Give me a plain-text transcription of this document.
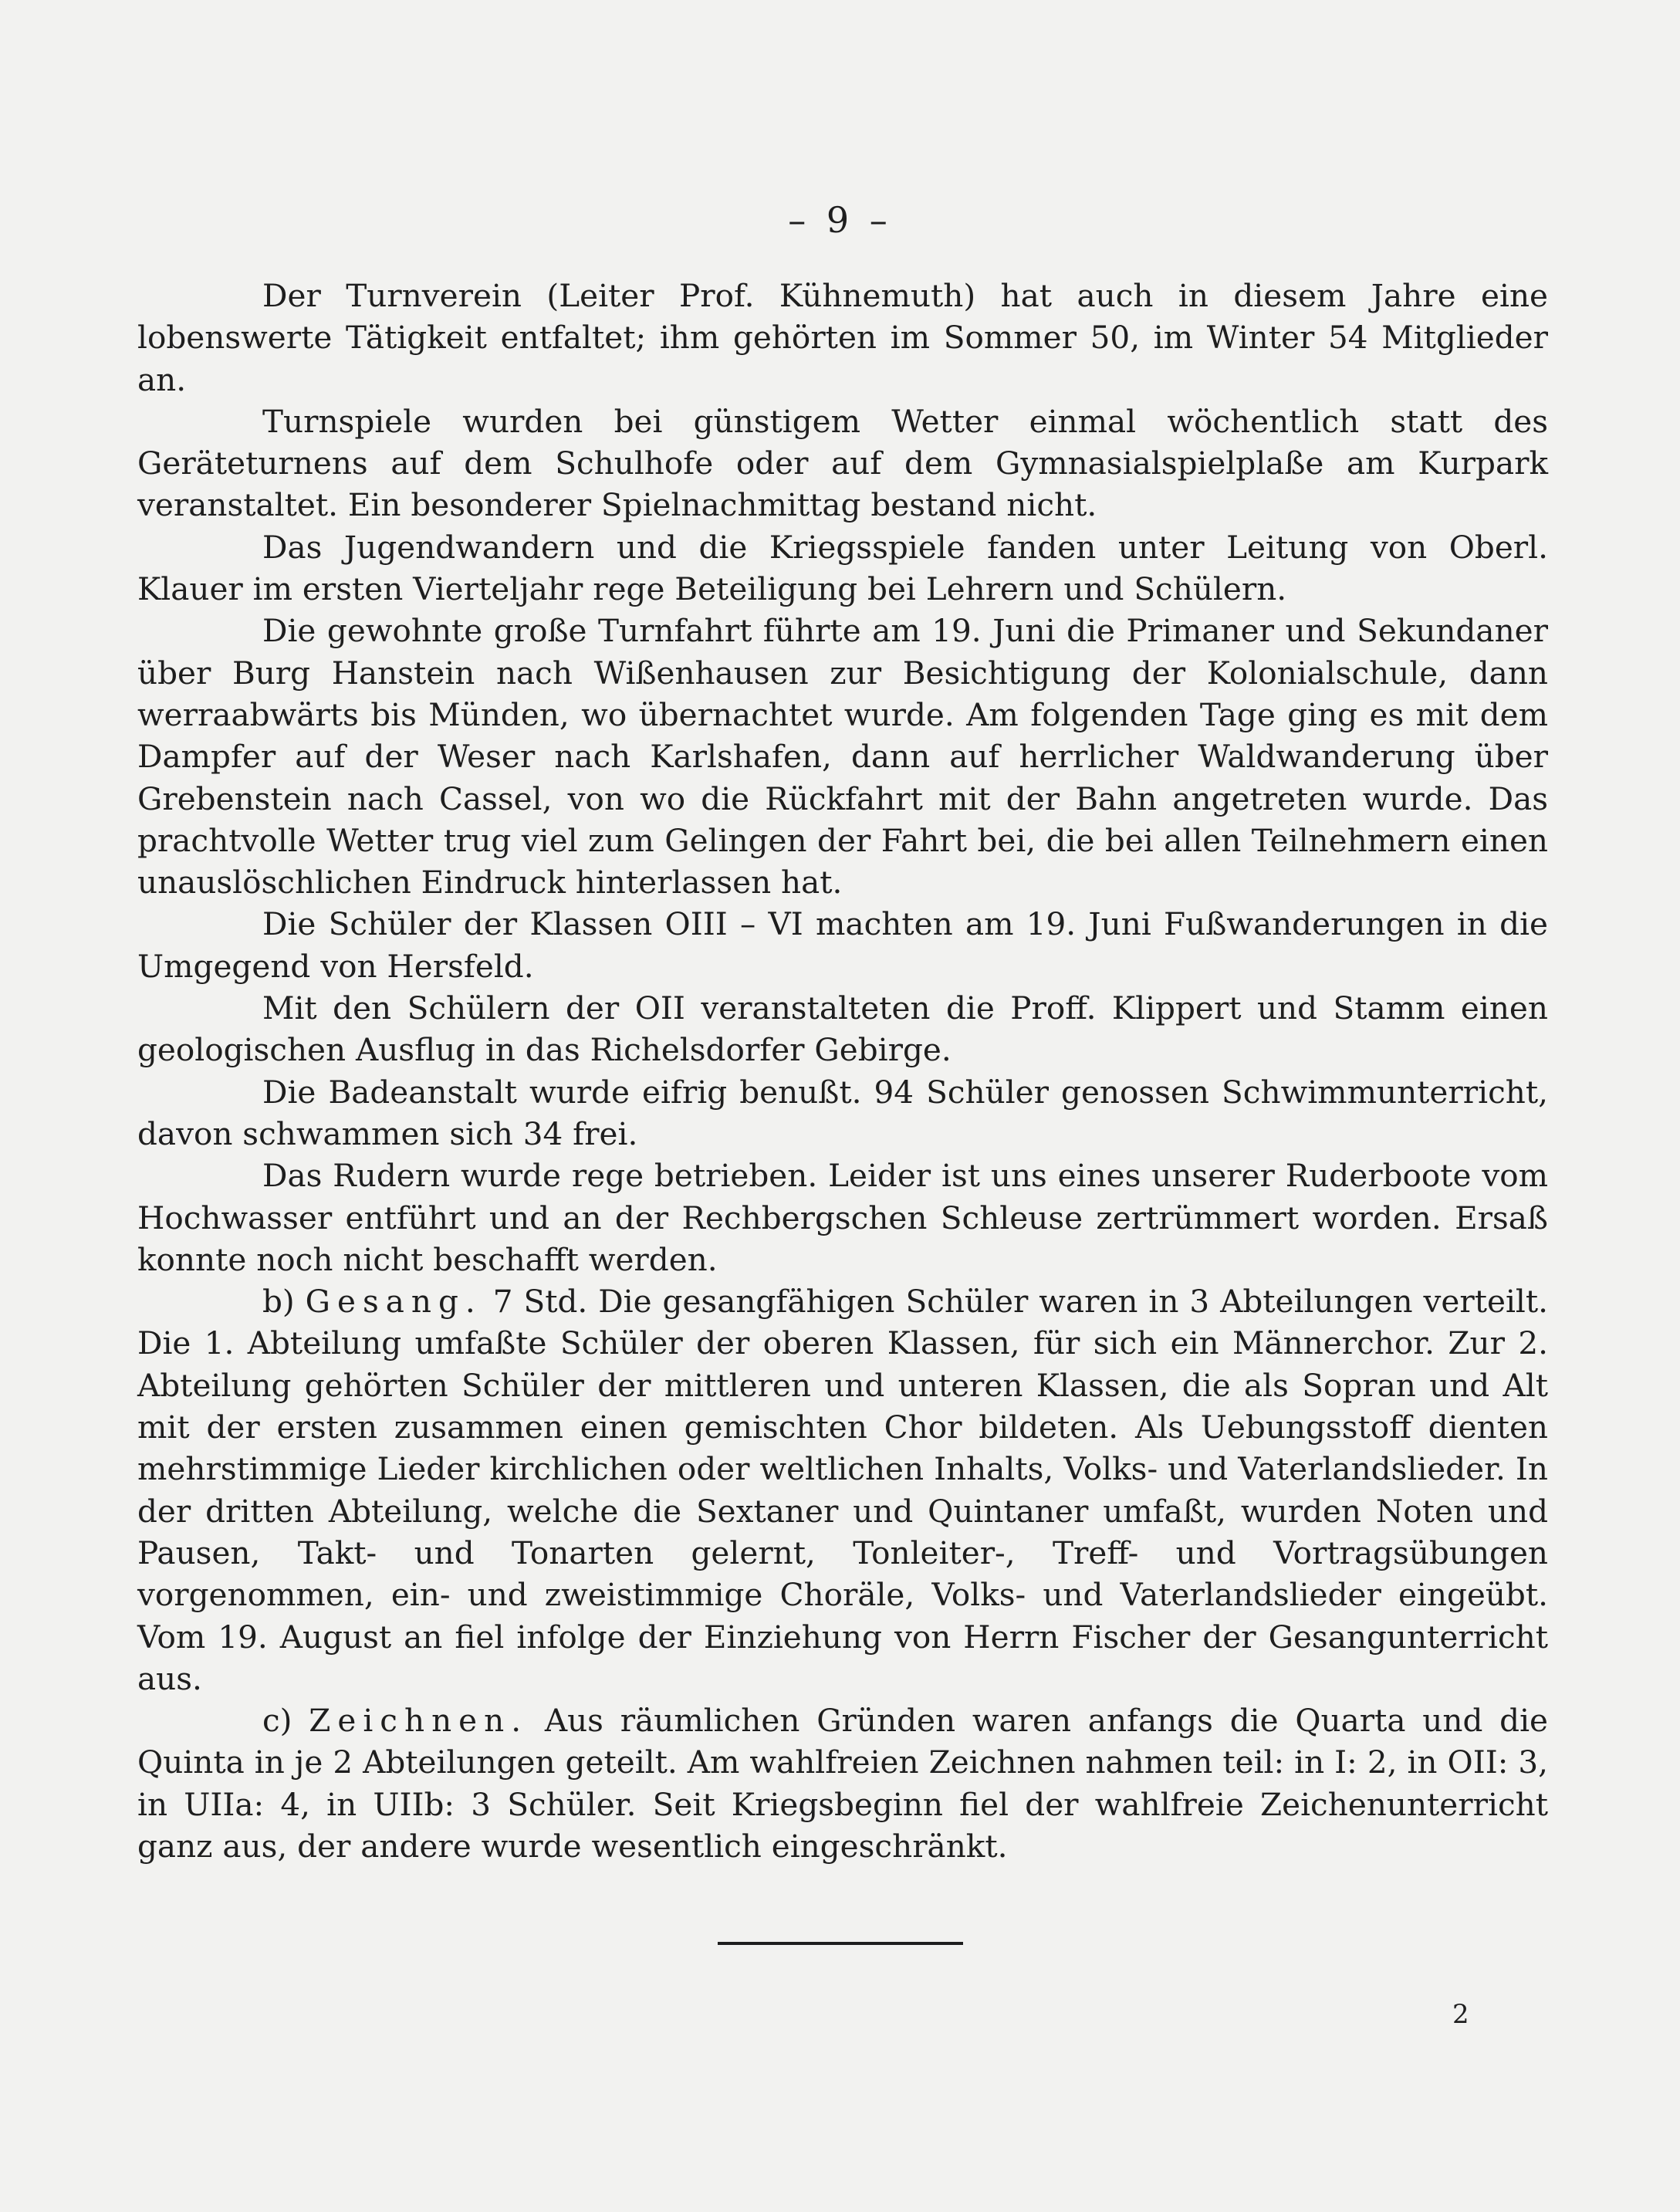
– 9 –

Der Turnverein (Leiter Prof. Kühnemuth) hat auch in diesem Jahre eine lobenswerte Tätigkeit entfaltet; ihm gehörten im Sommer 50, im Winter 54 Mitglieder an.

Turnspiele wurden bei günstigem Wetter einmal wöchentlich statt des Geräteturnens auf dem Schulhofe oder auf dem Gymnasialspielplaße am Kurpark veranstaltet. Ein besonderer Spielnachmittag bestand nicht.

Das Jugendwandern und die Kriegsspiele fanden unter Leitung von Oberl. Klauer im ersten Vierteljahr rege Beteiligung bei Lehrern und Schülern.

Die gewohnte große Turnfahrt führte am 19. Juni die Primaner und Sekundaner über Burg Hanstein nach Wißenhausen zur Besichtigung der Kolonialschule, dann werraabwärts bis Münden, wo übernachtet wurde. Am folgenden Tage ging es mit dem Dampfer auf der Weser nach Karlshafen, dann auf herrlicher Waldwanderung über Grebenstein nach Cassel, von wo die Rückfahrt mit der Bahn angetreten wurde. Das prachtvolle Wetter trug viel zum Gelingen der Fahrt bei, die bei allen Teilnehmern einen unauslöschlichen Eindruck hinterlassen hat.

Die Schüler der Klassen OIII – VI machten am 19. Juni Fußwanderungen in die Umgegend von Hersfeld.

Mit den Schülern der OII veranstalteten die Proff. Klippert und Stamm einen geologischen Ausflug in das Richelsdorfer Gebirge.

Die Badeanstalt wurde eifrig benußt. 94 Schüler genossen Schwimmunterricht, davon schwammen sich 34 frei.

Das Rudern wurde rege betrieben. Leider ist uns eines unserer Ruderboote vom Hochwasser entführt und an der Rechbergschen Schleuse zertrümmert worden. Ersaß konnte noch nicht beschafft werden.

b) Gesang. 7 Std. Die gesangfähigen Schüler waren in 3 Abteilungen verteilt. Die 1. Abteilung umfaßte Schüler der oberen Klassen, für sich ein Männerchor. Zur 2. Abteilung gehörten Schüler der mittleren und unteren Klassen, die als Sopran und Alt mit der ersten zusammen einen gemischten Chor bildeten. Als Uebungsstoff dienten mehrstimmige Lieder kirchlichen oder weltlichen Inhalts, Volks- und Vaterlandslieder. In der dritten Abteilung, welche die Sextaner und Quintaner umfaßt, wurden Noten und Pausen, Takt- und Tonarten gelernt, Tonleiter-, Treff- und Vortragsübungen vorgenommen, ein- und zweistimmige Choräle, Volks- und Vaterlandslieder eingeübt. Vom 19. August an fiel infolge der Einziehung von Herrn Fischer der Gesangunterricht aus.

c) Zeichnen. Aus räumlichen Gründen waren anfangs die Quarta und die Quinta in je 2 Abteilungen geteilt. Am wahlfreien Zeichnen nahmen teil: in I: 2, in OII: 3, in UIIa: 4, in UIIb: 3 Schüler. Seit Kriegsbeginn fiel der wahlfreie Zeichenunterricht ganz aus, der andere wurde wesentlich eingeschränkt.

2
